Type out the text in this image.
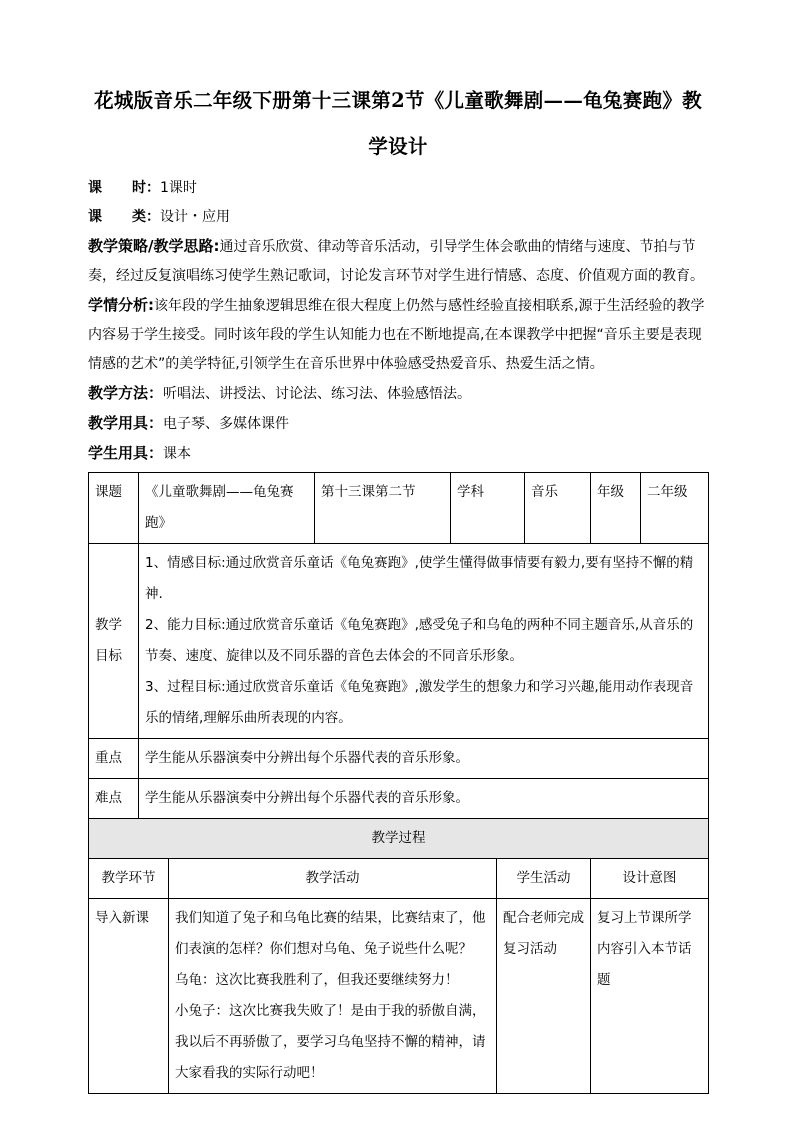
花城版音乐二年级下册第十三课第2节《儿童歌舞剧——龟兔赛跑》教学设计

课 时：1课时

课 类：设计・应用

教学策略/教学思路:通过音乐欣赏、律动等音乐活动，引导学生体会歌曲的情绪与速度、节拍与节奏，经过反复演唱练习使学生熟记歌词，讨论发言环节对学生进行情感、态度、价值观方面的教育。

学情分析:该年段的学生抽象逻辑思维在很大程度上仍然与感性经验直接相联系,源于生活经验的教学内容易于学生接受。同时该年段的学生认知能力也在不断地提高,在本课教学中把握“音乐主要是表现情感的艺术”的美学特征,引领学生在音乐世界中体验感受热爱音乐、热爱生活之情。

教学方法：听唱法、讲授法、讨论法、练习法、体验感悟法。

教学用具：电子琴、多媒体课件

学生用具：课本

课题	《儿童歌舞剧——龟兔赛跑》		第十三课第二节	学科		音乐	年级	二年级
教学目标	1、情感目标:通过欣赏音乐童话《龟兔赛跑》,使学生懂得做事情要有毅力,要有坚持不懈的精神.

2、能力目标:通过欣赏音乐童话《龟兔赛跑》,感受兔子和乌龟的两种不同主题音乐,从音乐的节奏、速度、旋律以及不同乐器的音色去体会的不同音乐形象。

3、过程目标:通过欣赏音乐童话《龟兔赛跑》,激发学生的想象力和学习兴趣,能用动作表现音乐的情绪,理解乐曲所表现的内容。							

重点	学生能从乐器演奏中分辨出每个乐器代表的音乐形象。							
难点	学生能从乐器演奏中分辨出每个乐器代表的音乐形象。							
教学过程								
教学环节		教学活动			学生活动		设计意图	
导入新课		我们知道了兔子和乌龟比赛的结果，比赛结束了，他们表演的怎样？你们想对乌龟、兔子说些什么呢？

乌龟：这次比赛我胜利了，但我还要继续努力！

小兔子：这次比赛我失败了！是由于我的骄傲自满，我以后不再骄傲了，要学习乌龟坚持不懈的精神，请大家看我的实际行动吧！			配合老师完成复习活动		复习上节课所学内容引入本节话题	
